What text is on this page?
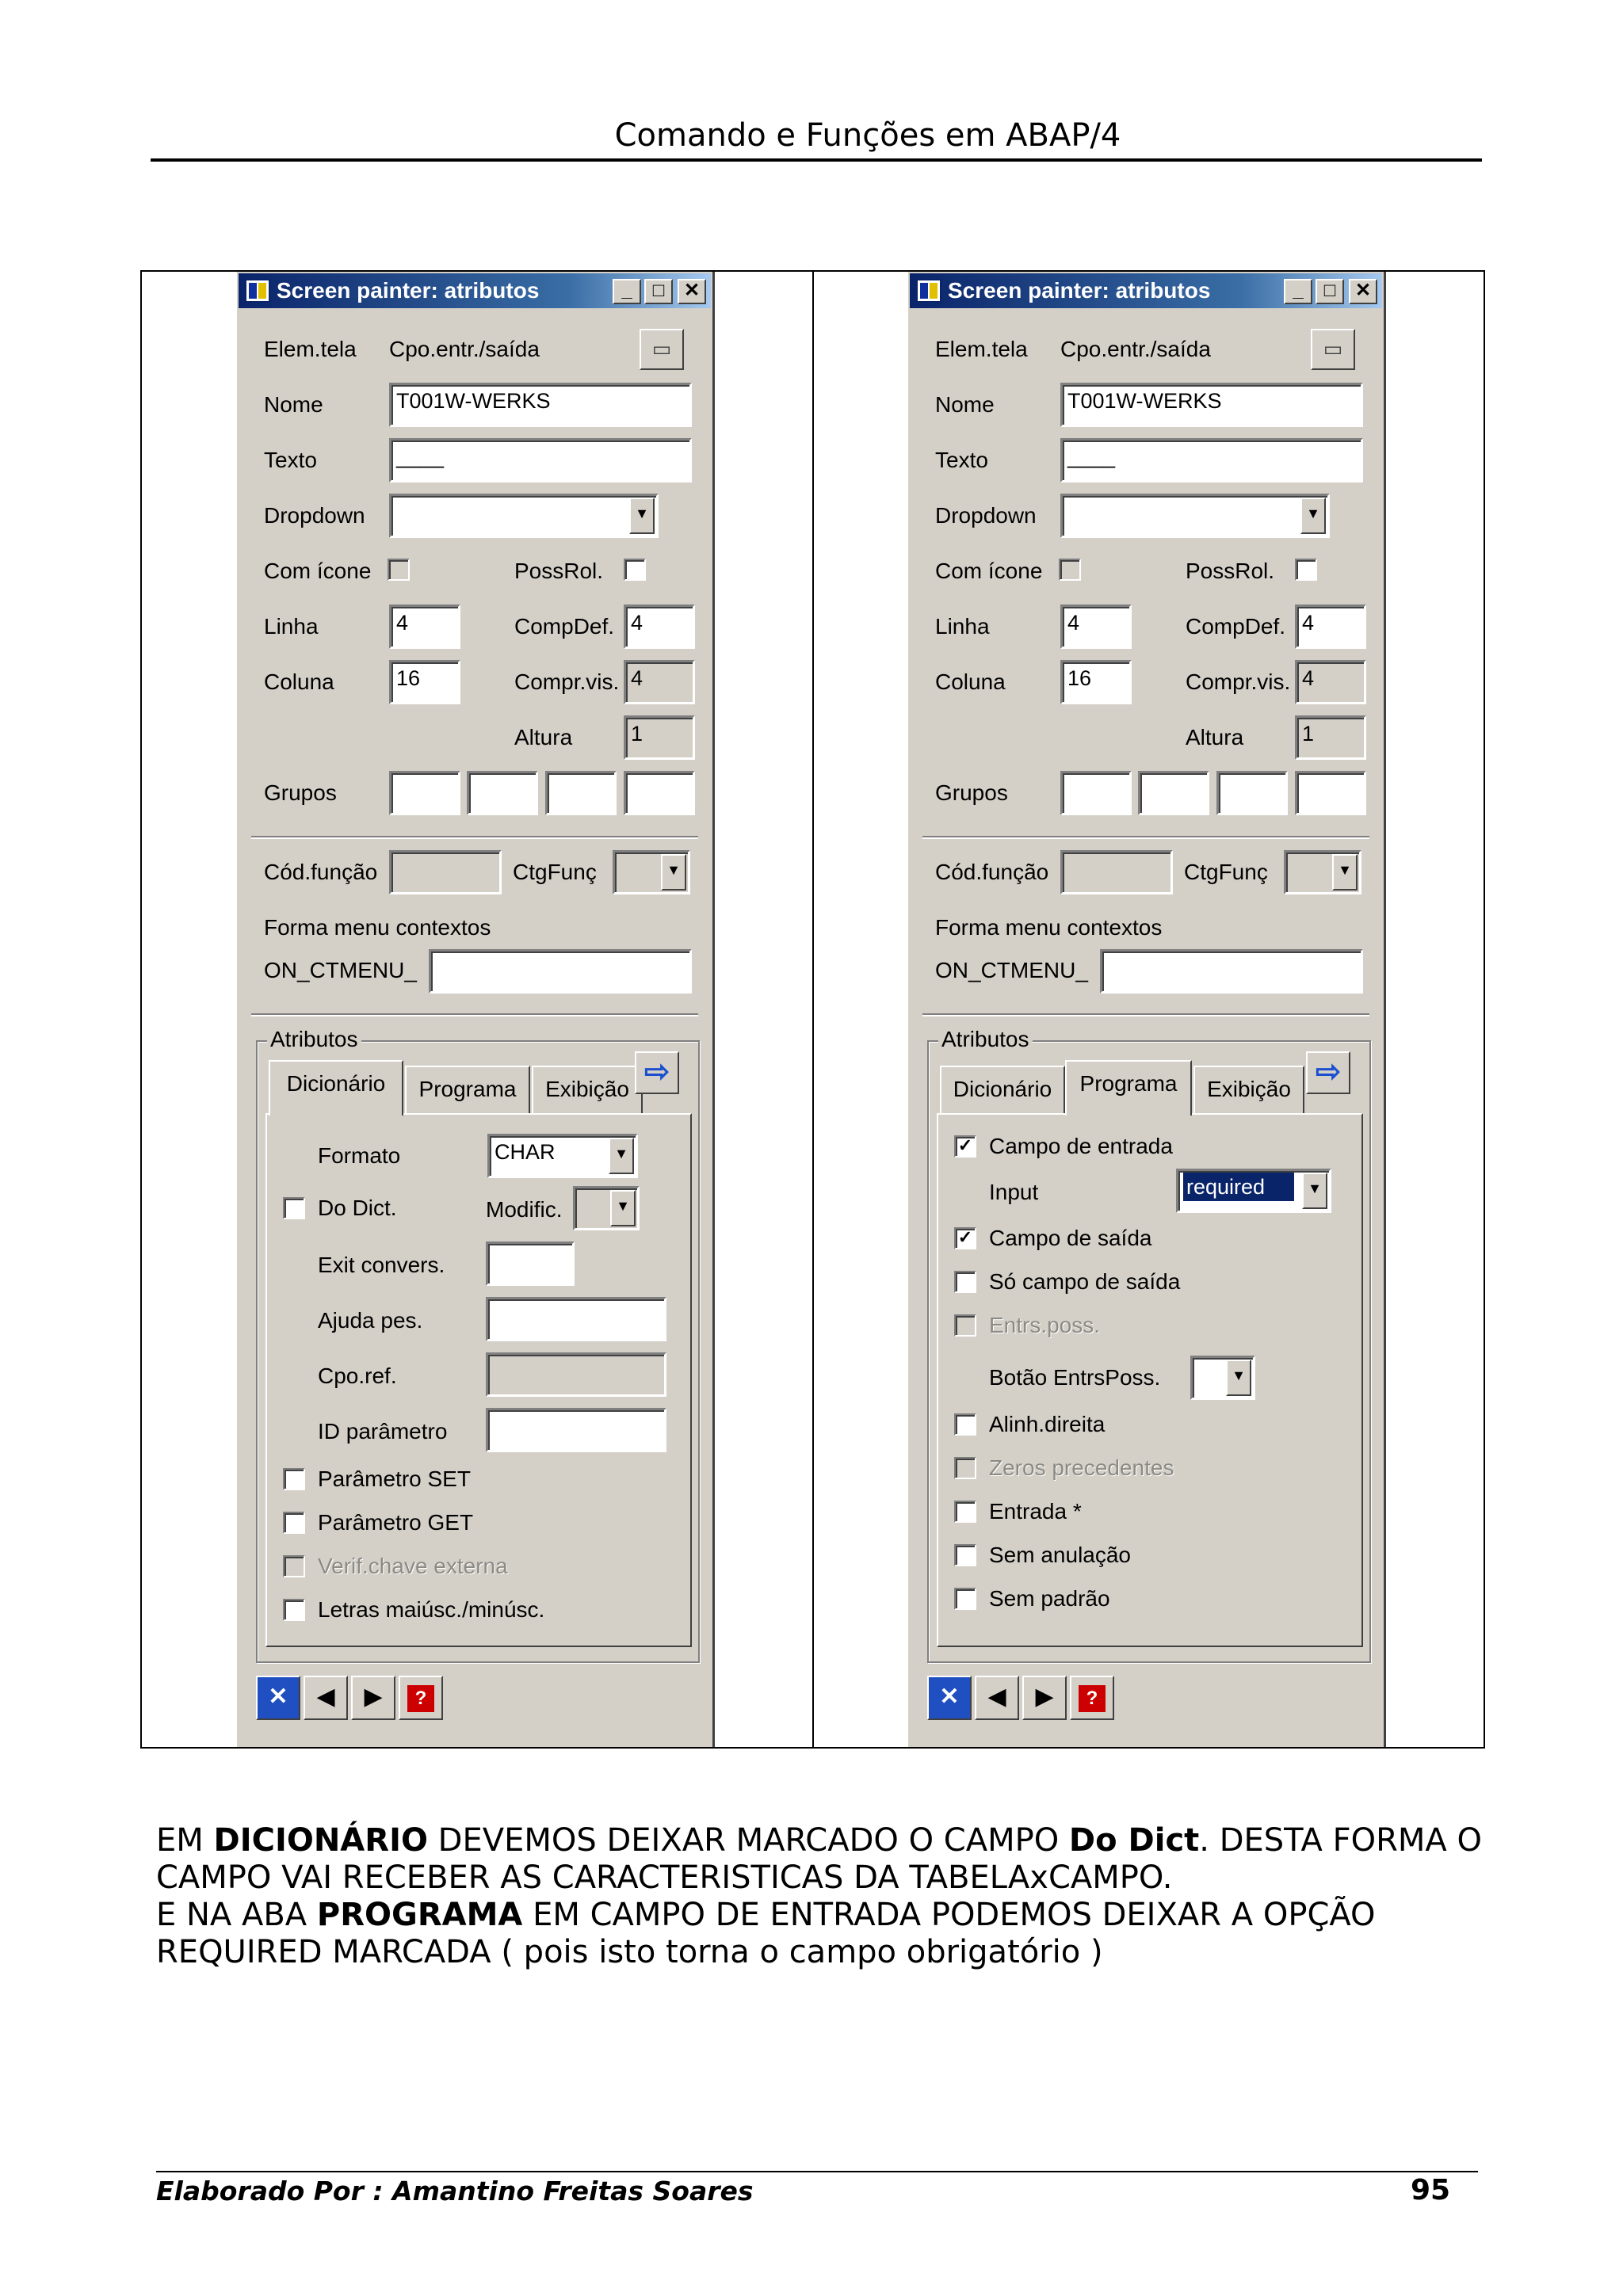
Comando e Funções em ABAP/4
Screen painter: atributos	_	□	✕
Elem.tela Cpo.entr./saída	▭
Nome	T001W-WERKS
Texto	____
Dropdown	▼
Com ícone	PossRol.
Linha	4	CompDef. 4
Coluna	16	Compr.vis. 4
Altura	1
Grupos
Cód.função	CtgFunç	▼
Forma menu contextos
ON_CTMENU_
Atributos
Dicionário	Programa	Exibição
⇨
Formato	CHAR	▼
Do Dict.	Modific.	▼
Exit convers.
Ajuda pes.
Cpo.ref.
ID parâmetro
Parâmetro SET
Parâmetro GET
Verif.chave externa
Letras maiúsc./minúsc.
✕	◀	▶	?
Screen painter: atributos	_	□	✕
Elem.tela Cpo.entr./saída	▭
Nome	T001W-WERKS
Texto	____
Dropdown	▼
Com ícone	PossRol.
Linha	4	CompDef. 4
Coluna	16	Compr.vis. 4
Altura	1
Grupos
Cód.função	CtgFunç	▼
Forma menu contextos
ON_CTMENU_
Atributos
Dicionário	Programa	Exibição
⇨
✓ Campo de entrada
Input	required	▼
✓ Campo de saída
Só campo de saída
Entrs.poss.
Botão EntrsPoss.	▼
Alinh.direita
Zeros precedentes
Entrada *
Sem anulação
Sem padrão
✕	◀	▶	?
EM DICIONÁRIO DEVEMOS DEIXAR MARCADO O CAMPO Do Dict. DESTA FORMA O
CAMPO VAI RECEBER AS CARACTERISTICAS DA TABELAxCAMPO.
E NA ABA PROGRAMA EM CAMPO DE ENTRADA PODEMOS DEIXAR A OPÇÃO
REQUIRED MARCADA ( pois isto torna o campo obrigatório )
Elaborado Por : Amantino Freitas Soares	95
